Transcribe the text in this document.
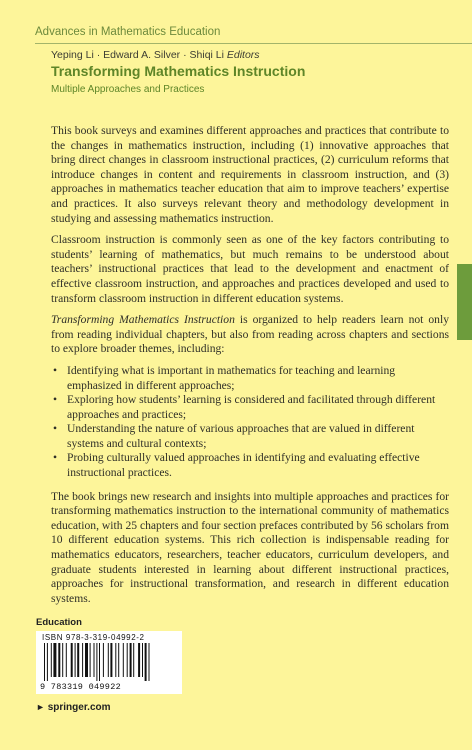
Advances in Mathematics Education
Yeping Li · Edward A. Silver · Shiqi Li Editors
Transforming Mathematics Instruction
Multiple Approaches and Practices

This book surveys and examines different approaches and practices that contribute to the changes in mathematics instruction, including (1) innovative approaches that bring direct changes in classroom instructional practices, (2) curriculum reforms that introduce changes in content and requirements in classroom instruction, and (3) approaches in mathematics teacher education that aim to improve teachers’ expertise and practices. It also surveys relevant theory and methodology development in studying and assessing mathematics instruction.

Classroom instruction is commonly seen as one of the key factors contributing to students’ learning of mathematics, but much remains to be understood about teachers’ instructional practices that lead to the development and enactment of effective classroom instruction, and approaches and practices developed and used to transform classroom instruction in different education systems.

Transforming Mathematics Instruction is organized to help readers learn not only from reading individual chapters, but also from reading across chapters and sections to explore broader themes, including:

• Identifying what is important in mathematics for teaching and learning emphasized in different approaches;
• Exploring how students’ learning is considered and facilitated through different approaches and practices;
• Understanding the nature of various approaches that are valued in different systems and cultural contexts;
• Probing culturally valued approaches in identifying and evaluating effective instructional practices.

The book brings new research and insights into multiple approaches and practices for transforming mathematics instruction to the international community of mathematics education, with 25 chapters and four section prefaces contributed by 56 scholars from 10 different education systems. This rich collection is indispensable reading for mathematics educators, researchers, teacher educators, curriculum developers, and graduate students interested in learning about different instructional practices, approaches for instructional transformation, and research in different education systems.

Education
ISBN 978-3-319-04992-2
9 783319 049922
► springer.com
